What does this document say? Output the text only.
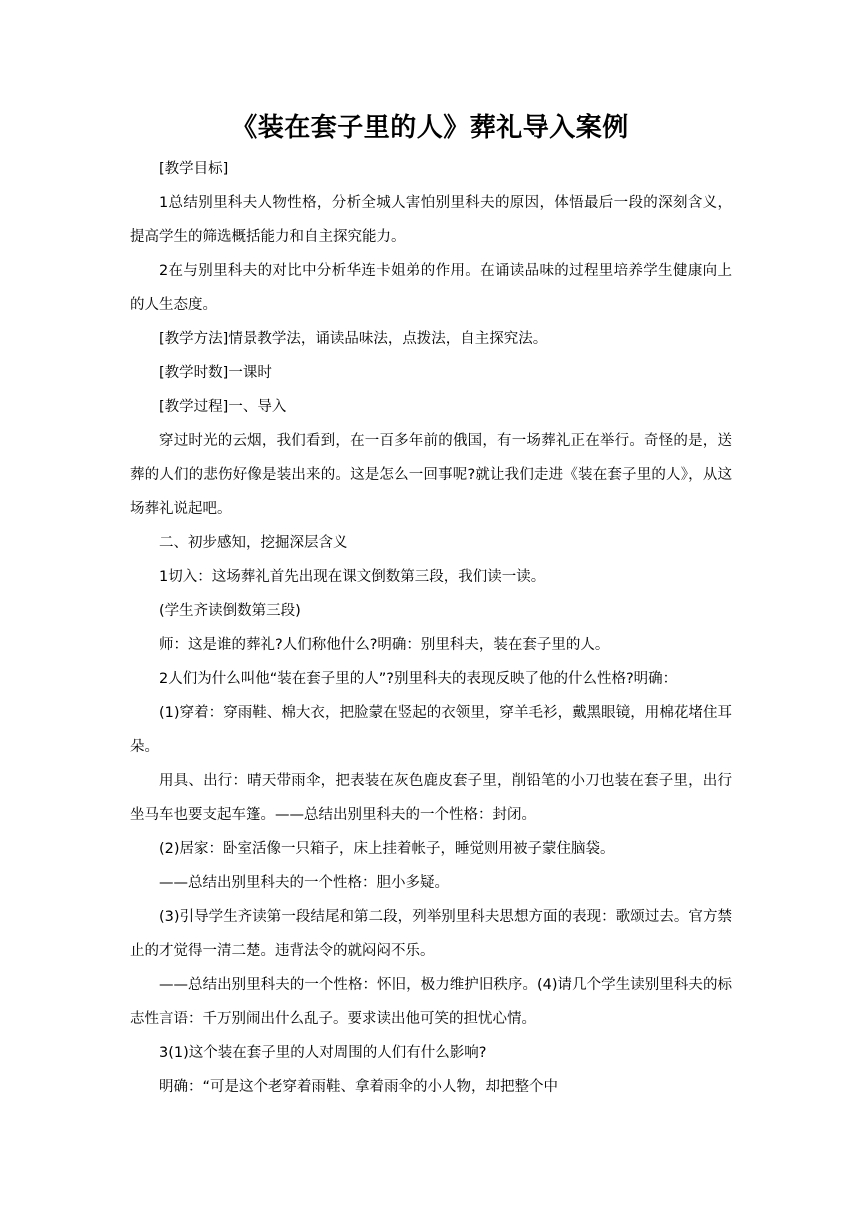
《装在套子里的人》葬礼导入案例

[教学目标]

1总结别里科夫人物性格，分析全城人害怕别里科夫的原因，体悟最后一段的深刻含义，提高学生的筛选概括能力和自主探究能力。

2在与别里科夫的对比中分析华连卡姐弟的作用。在诵读品味的过程里培养学生健康向上的人生态度。

[教学方法]情景教学法，诵读品味法，点拨法，自主探究法。

[教学时数]一课时

[教学过程]一、导入

穿过时光的云烟，我们看到，在一百多年前的俄国，有一场葬礼正在举行。奇怪的是，送葬的人们的悲伤好像是装出来的。这是怎么一回事呢?就让我们走进《装在套子里的人》，从这场葬礼说起吧。

二、初步感知，挖掘深层含义

1切入：这场葬礼首先出现在课文倒数第三段，我们读一读。

(学生齐读倒数第三段)

师：这是谁的葬礼?人们称他什么?明确：别里科夫，装在套子里的人。

2人们为什么叫他“装在套子里的人”?别里科夫的表现反映了他的什么性格?明确：

(1)穿着：穿雨鞋、棉大衣，把脸蒙在竖起的衣领里，穿羊毛衫，戴黑眼镜，用棉花堵住耳朵。

用具、出行：晴天带雨伞，把表装在灰色鹿皮套子里，削铅笔的小刀也装在套子里，出行坐马车也要支起车篷。——总结出别里科夫的一个性格：封闭。

(2)居家：卧室活像一只箱子，床上挂着帐子，睡觉则用被子蒙住脑袋。

——总结出别里科夫的一个性格：胆小多疑。

(3)引导学生齐读第一段结尾和第二段，列举别里科夫思想方面的表现：歌颂过去。官方禁止的才觉得一清二楚。违背法令的就闷闷不乐。

——总结出别里科夫的一个性格：怀旧，极力维护旧秩序。(4)请几个学生读别里科夫的标志性言语：千万别闹出什么乱子。要求读出他可笑的担忧心情。

3(1)这个装在套子里的人对周围的人们有什么影响?

明确：“可是这个老穿着雨鞋、拿着雨伞的小人物，却把整个中
